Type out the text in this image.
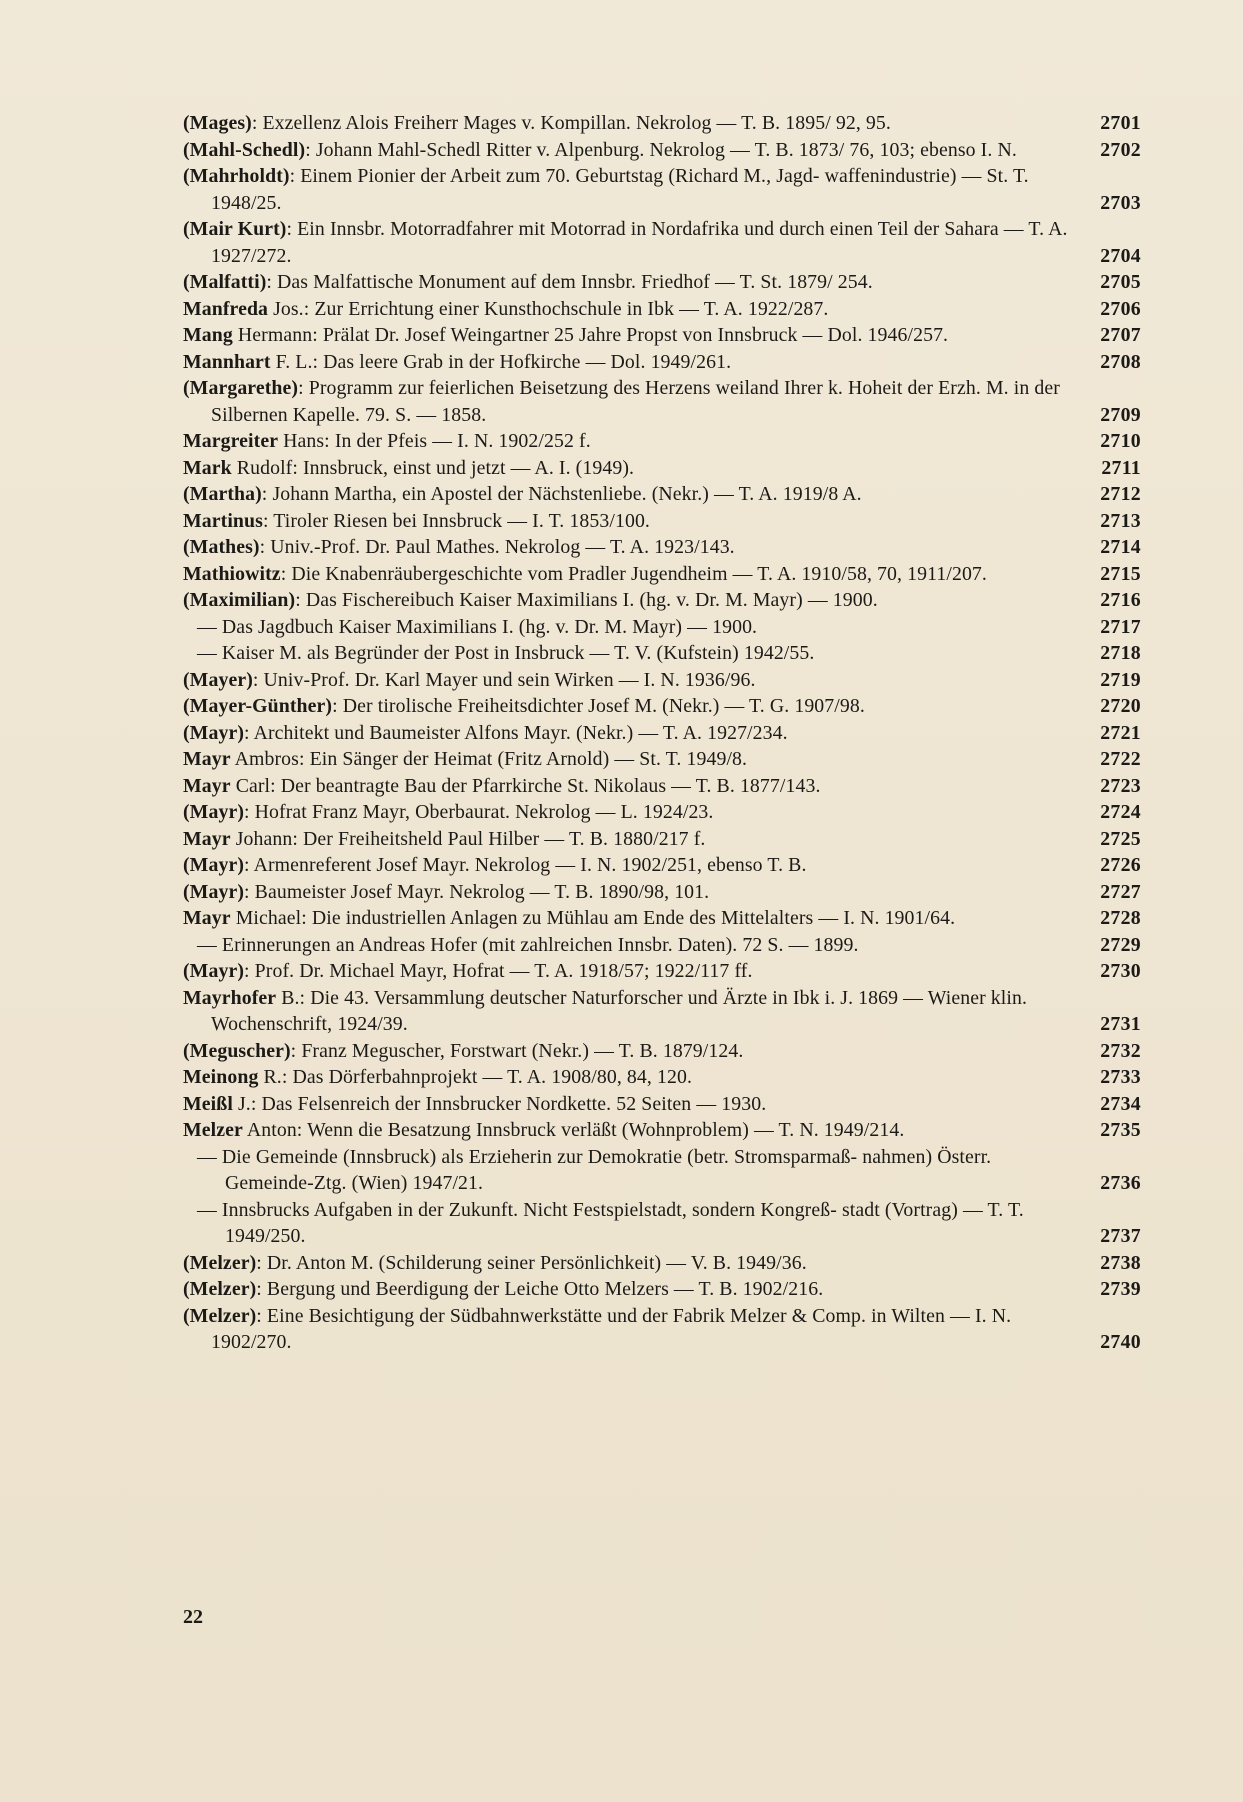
(Mages): Exzellenz Alois Freiherr Mages v. Kompillan. Nekrolog — T. B. 1895/ 92, 95.	2701
(Mahl-Schedl): Johann Mahl-Schedl Ritter v. Alpenburg. Nekrolog — T. B. 1873/ 76, 103; ebenso I. N.	2702
(Mahrholdt): Einem Pionier der Arbeit zum 70. Geburtstag (Richard M., Jagd- waffenindustrie) — St. T. 1948/25.	2703
(Mair Kurt): Ein Innsbr. Motorradfahrer mit Motorrad in Nordafrika und durch einen Teil der Sahara — T. A. 1927/272.	2704
(Malfatti): Das Malfattische Monument auf dem Innsbr. Friedhof — T. St. 1879/ 254.	2705
Manfreda Jos.: Zur Errichtung einer Kunsthochschule in Ibk — T. A. 1922/287.	2706
Mang Hermann: Prälat Dr. Josef Weingartner 25 Jahre Propst von Innsbruck — Dol. 1946/257.	2707
Mannhart F. L.: Das leere Grab in der Hofkirche — Dol. 1949/261.	2708
(Margarethe): Programm zur feierlichen Beisetzung des Herzens weiland Ihrer k. Hoheit der Erzh. M. in der Silbernen Kapelle. 79. S. — 1858.	2709
Margreiter Hans: In der Pfeis — I. N. 1902/252 f.	2710
Mark Rudolf: Innsbruck, einst und jetzt — A. I. (1949).	2711
(Martha): Johann Martha, ein Apostel der Nächstenliebe. (Nekr.) — T. A. 1919/8 A.	2712
Martinus: Tiroler Riesen bei Innsbruck — I. T. 1853/100.	2713
(Mathes): Univ.-Prof. Dr. Paul Mathes. Nekrolog — T. A. 1923/143.	2714
Mathiowitz: Die Knabenräubergeschichte vom Pradler Jugendheim — T. A. 1910/58, 70, 1911/207.	2715
(Maximilian): Das Fischereibuch Kaiser Maximilians I. (hg. v. Dr. M. Mayr) — 1900.	2716
— Das Jagdbuch Kaiser Maximilians I. (hg. v. Dr. M. Mayr) — 1900.	2717
— Kaiser M. als Begründer der Post in Insbruck — T. V. (Kufstein) 1942/55.	2718
(Mayer): Univ-Prof. Dr. Karl Mayer und sein Wirken — I. N. 1936/96.	2719
(Mayer-Günther): Der tirolische Freiheitsdichter Josef M. (Nekr.) — T. G. 1907/98.	2720
(Mayr): Architekt und Baumeister Alfons Mayr. (Nekr.) — T. A. 1927/234.	2721
Mayr Ambros: Ein Sänger der Heimat (Fritz Arnold) — St. T. 1949/8.	2722
Mayr Carl: Der beantragte Bau der Pfarrkirche St. Nikolaus — T. B. 1877/143.	2723
(Mayr): Hofrat Franz Mayr, Oberbaurat. Nekrolog — L. 1924/23.	2724
Mayr Johann: Der Freiheitsheld Paul Hilber — T. B. 1880/217 f.	2725
(Mayr): Armenreferent Josef Mayr. Nekrolog — I. N. 1902/251, ebenso T. B.	2726
(Mayr): Baumeister Josef Mayr. Nekrolog — T. B. 1890/98, 101.	2727
Mayr Michael: Die industriellen Anlagen zu Mühlau am Ende des Mittelalters — I. N. 1901/64.	2728
— Erinnerungen an Andreas Hofer (mit zahlreichen Innsbr. Daten). 72 S. — 1899.	2729
(Mayr): Prof. Dr. Michael Mayr, Hofrat — T. A. 1918/57; 1922/117 ff.	2730
Mayrhofer B.: Die 43. Versammlung deutscher Naturforscher und Ärzte in Ibk i. J. 1869 — Wiener klin. Wochenschrift, 1924/39.	2731
(Meguscher): Franz Meguscher, Forstwart (Nekr.) — T. B. 1879/124.	2732
Meinong R.: Das Dörferbahnprojekt — T. A. 1908/80, 84, 120.	2733
Meißl J.: Das Felsenreich der Innsbrucker Nordkette. 52 Seiten — 1930.	2734
Melzer Anton: Wenn die Besatzung Innsbruck verläßt (Wohnproblem) — T. N. 1949/214.	2735
— Die Gemeinde (Innsbruck) als Erzieherin zur Demokratie (betr. Stromsparmaß- nahmen) Österr. Gemeinde-Ztg. (Wien) 1947/21.	2736
— Innsbrucks Aufgaben in der Zukunft. Nicht Festspielstadt, sondern Kongreß- stadt (Vortrag) — T. T. 1949/250.	2737
(Melzer): Dr. Anton M. (Schilderung seiner Persönlichkeit) — V. B. 1949/36.	2738
(Melzer): Bergung und Beerdigung der Leiche Otto Melzers — T. B. 1902/216.	2739
(Melzer): Eine Besichtigung der Südbahnwerkstätte und der Fabrik Melzer & Comp. in Wilten — I. N. 1902/270.	2740
22
